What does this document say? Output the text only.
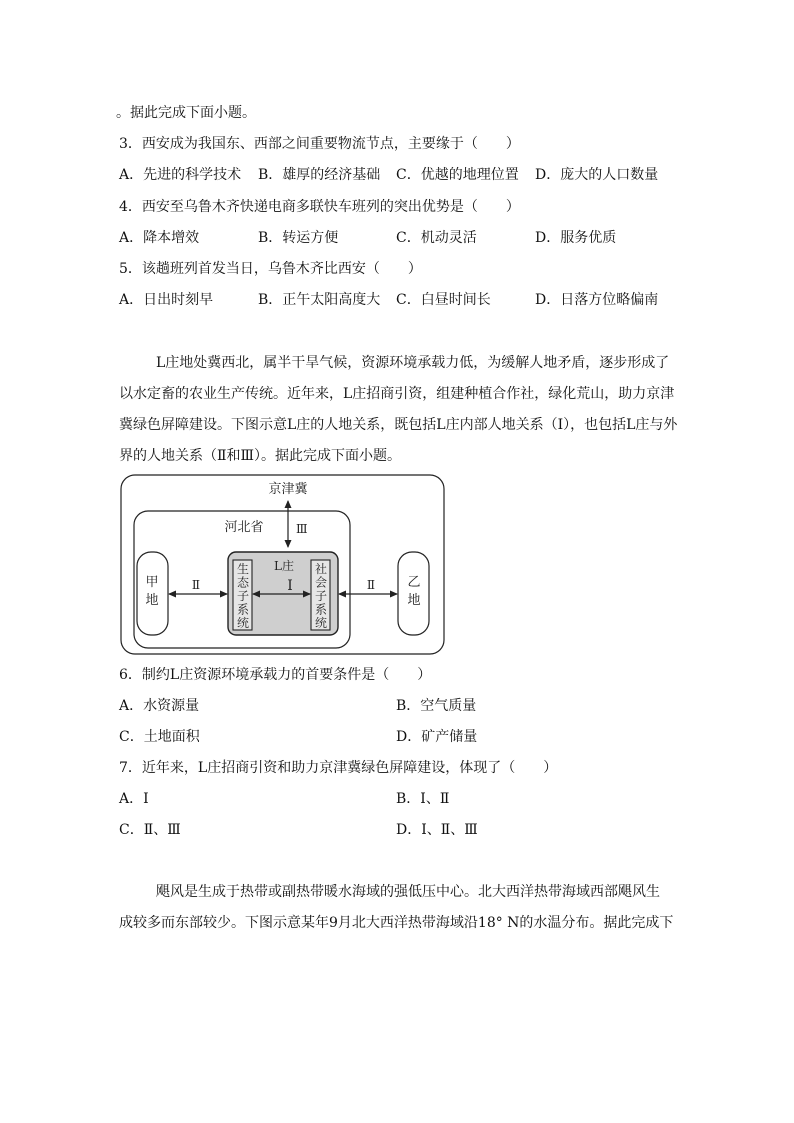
。据此完成下面小题。
3．西安成为我国东、西部之间重要物流节点，主要缘于（　　）
A．先进的科学技术 B．雄厚的经济基础 C．优越的地理位置 D．庞大的人口数量
4．西安至乌鲁木齐快递电商多联快车班列的突出优势是（　　）
A．降本增效	B．转运方便	C．机动灵活	D．服务优质
5．该趟班列首发当日，乌鲁木齐比西安（　　）
A．日出时刻早	B．正午太阳高度大 C．白昼时间长	D．日落方位略偏南
L庄地处冀西北，属半干旱气候，资源环境承载力低，为缓解人地矛盾，逐步形成了
以水定畜的农业生产传统。近年来，L庄招商引资，组建种植合作社，绿化荒山，助力京津
冀绿色屏障建设。下图示意L庄的人地关系，既包括L庄内部人地关系（Ⅰ），也包括L庄与外
界的人地关系（Ⅱ和Ⅲ）。据此完成下面小题。
京津冀
Ⅲ
河北省
甲
地
乙
地
Ⅱ	Ⅱ
L庄
Ⅰ
生
态
子
系
统
社
会
子
系
统
6．制约L庄资源环境承载力的首要条件是（　　）
A．水资源量	B．空气质量
C．土地面积	D．矿产储量
7．近年来，L庄招商引资和助力京津冀绿色屏障建设，体现了（　　）
A．Ⅰ	B．Ⅰ、Ⅱ
C．Ⅱ、Ⅲ	D．Ⅰ、Ⅱ、Ⅲ
飓风是生成于热带或副热带暖水海域的强低压中心。北大西洋热带海域西部飓风生
成较多而东部较少。下图示意某年9月北大西洋热带海域沿18° N的水温分布。据此完成下
